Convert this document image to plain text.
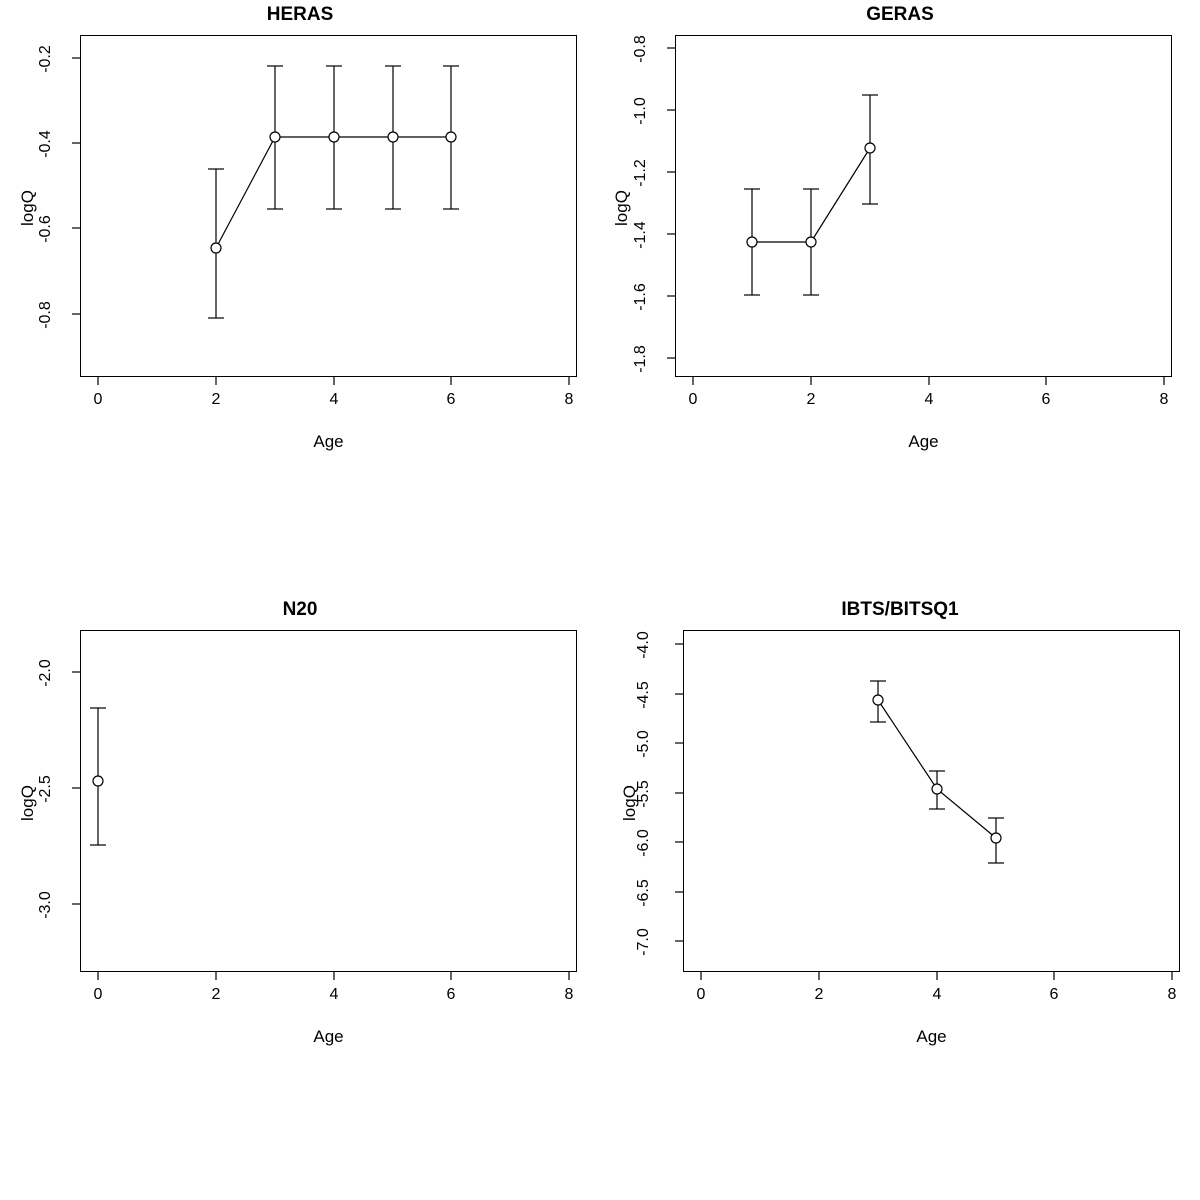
HERAS
Age
logQ
0	2	4	6	8
-0.8
-0.6
-0.4
-0.2
GERAS
Age
logQ
0	2	4	6	8
-1.8
-1.6
-1.4
-1.2
-1.0
-0.8
N20
Age
logQ
0	2	4	6	8
-3.0
-2.5
-2.0
IBTS/BITSQ1
Age
logQ
0	2	4	6	8
-7.0
-6.5
-6.0
-5.5
-5.0
-4.5
-4.0
